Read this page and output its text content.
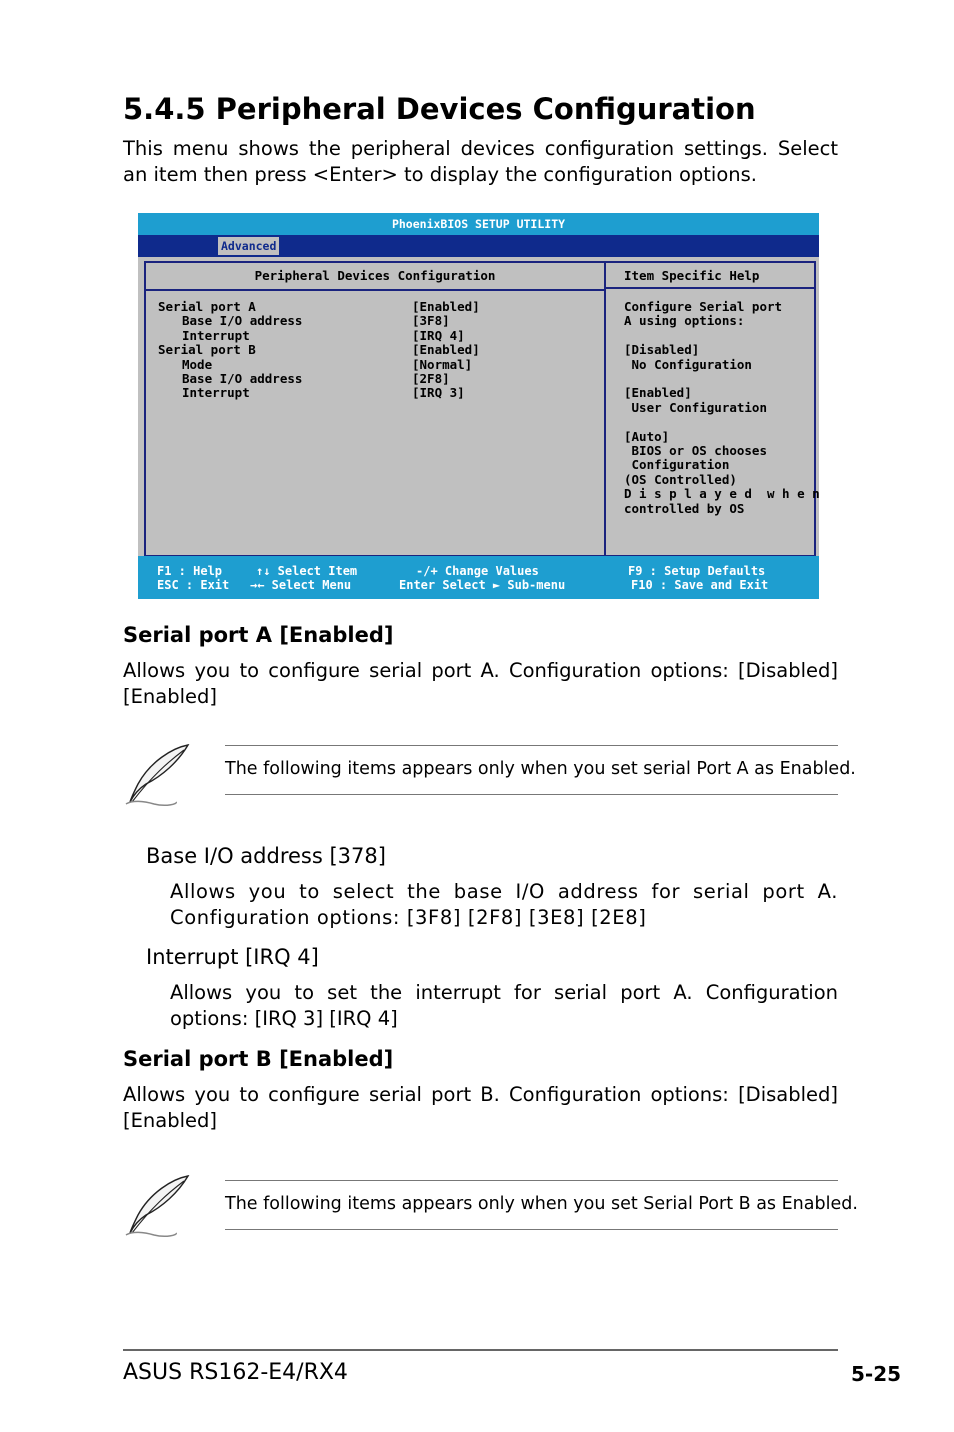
5.4.5 Peripheral Devices Configuration

This menu shows the peripheral devices configuration settings. Select an item then press <Enter> to display the configuration options.

PhoenixBIOS SETUP UTILITY
Advanced
Peripheral Devices Configuration
Serial port A	[Enabled]
Base I/O address	[3F8]
Interrupt	[IRQ 4]
Serial port B	[Enabled]
Mode	[Normal]
Base I/O address	[2F8]
Interrupt	[IRQ 3]
Item Specific Help
Configure Serial port
A using options:
[Disabled]
No Configuration
[Enabled]
User Configuration
[Auto]
BIOS or OS chooses
Configuration
(OS Controlled)
D i s p l a y e d  w h e n
controlled by OS
F1 : Help
ESC : Exit
↑↓ Select Item
→← Select Menu
-/+ Change Values
Enter Select ► Sub-menu
F9 : Setup Defaults
F10 : Save and Exit
Serial port A [Enabled]

Allows you to configure serial port A. Configuration options: [Disabled] [Enabled]

The following items appears only when you set serial Port A as Enabled.

Base I/O address [378]

Allows you to select the base I/O address for serial port A. Configuration options: [3F8] [2F8] [3E8] [2E8]

Interrupt [IRQ 4]

Allows you to set the interrupt for serial port A. Configuration options: [IRQ 3] [IRQ 4]

Serial port B [Enabled]

Allows you to configure serial port B. Configuration options: [Disabled] [Enabled]

The following items appears only when you set Serial Port B as Enabled.

ASUS RS162-E4/RX4	5-25
